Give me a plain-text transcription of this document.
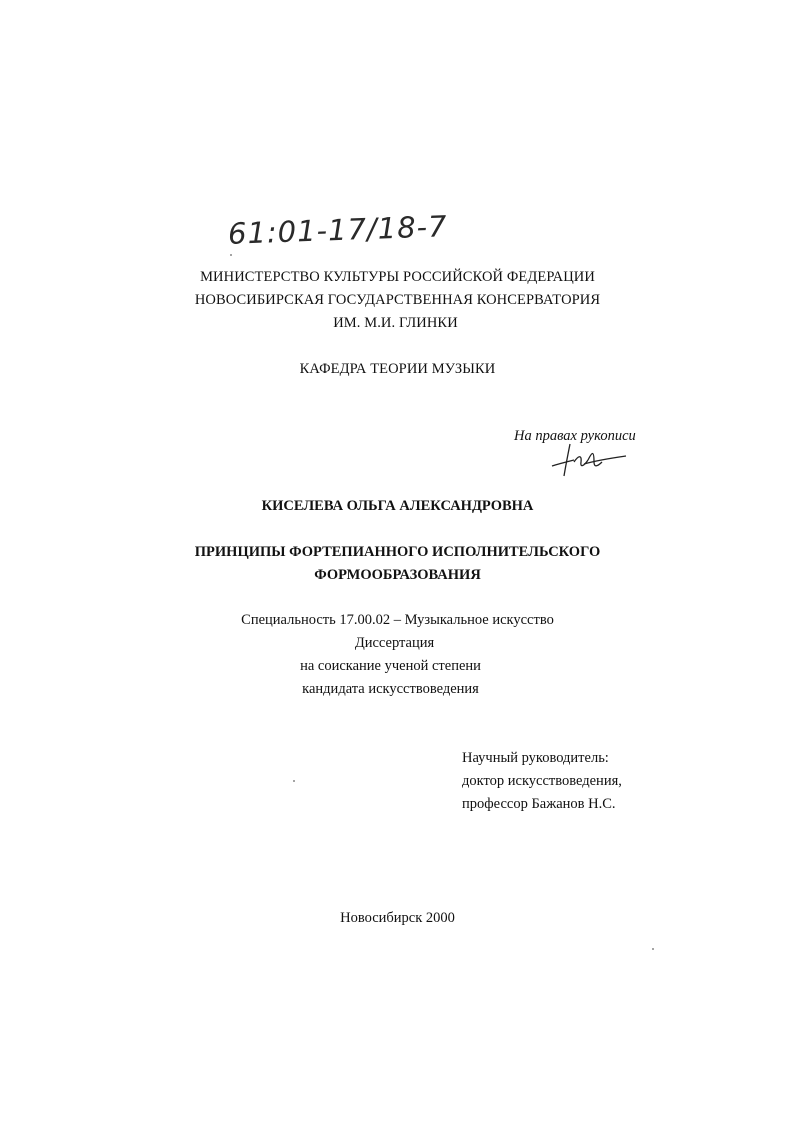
61:01-17/18-7
МИНИСТЕРСТВО КУЛЬТУРЫ РОССИЙСКОЙ ФЕДЕРАЦИИ
НОВОСИБИРСКАЯ ГОСУДАРСТВЕННАЯ КОНСЕРВАТОРИЯ
ИМ. М.И. ГЛИНКИ
КАФЕДРА ТЕОРИИ МУЗЫКИ
На правах рукописи
КИСЕЛЕВА ОЛЬГА АЛЕКСАНДРОВНА
ПРИНЦИПЫ ФОРТЕПИАННОГО ИСПОЛНИТЕЛЬСКОГО
ФОРМООБРАЗОВАНИЯ
Специальность 17.00.02 – Музыкальное искусство
Диссертация
на соискание ученой степени
кандидата искусствоведения
Научный руководитель:
доктор искусствоведения,
профессор Бажанов Н.С.
Новосибирск 2000
